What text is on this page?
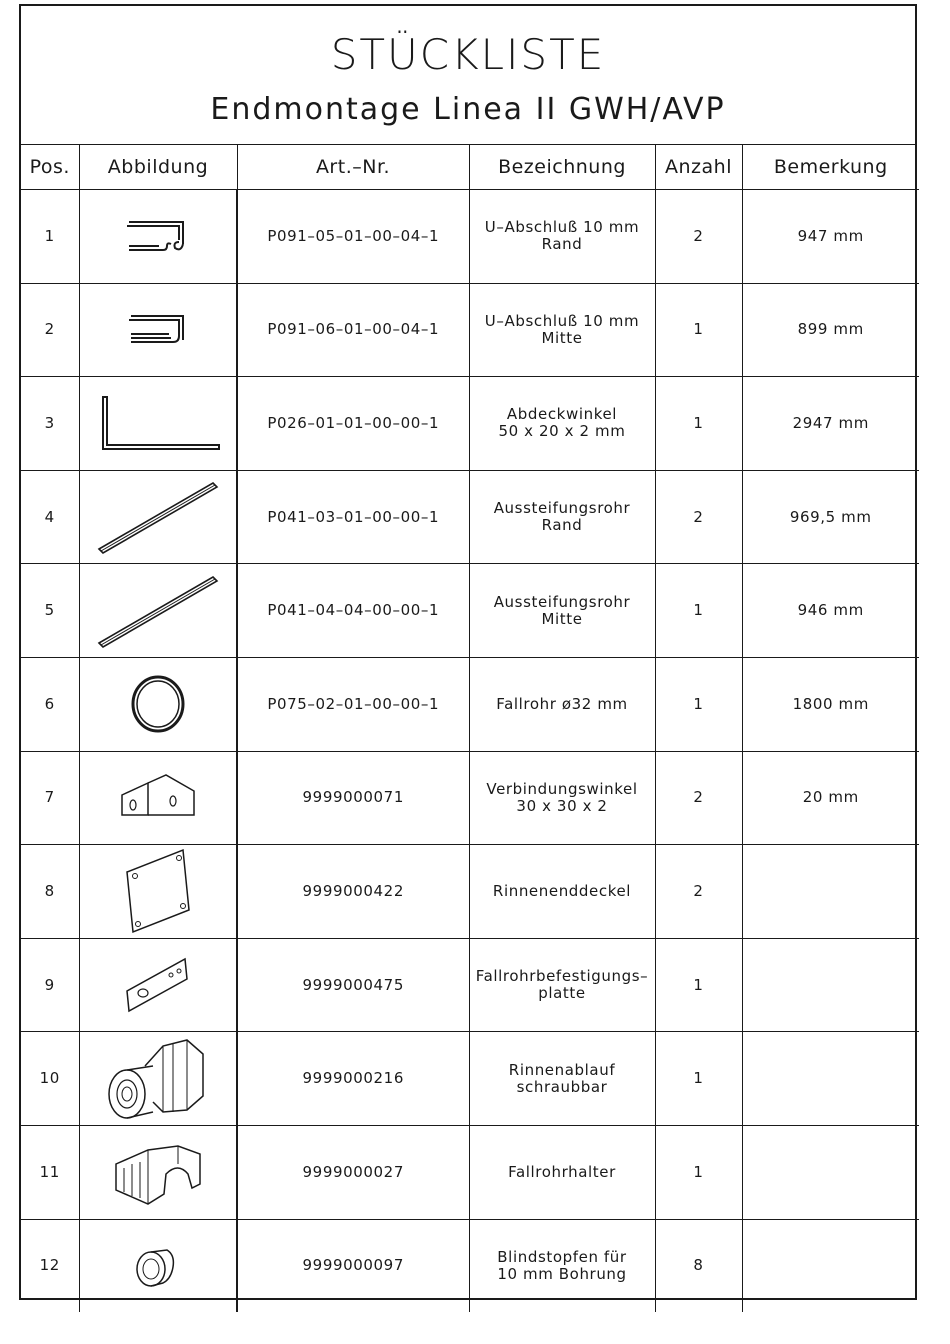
STÜCKLISTE
Endmontage Linea II GWH/AVP
Pos.	Abbildung	Art.–Nr.	Bezeichnung	Anzahl	Bemerkung
1		P091–05–01–00–04–1	U–Abschluß 10 mm
Rand	2	947 mm
2		P091–06–01–00–04–1	U–Abschluß 10 mm
Mitte	1	899 mm
3		P026–01–01–00–00–1	Abdeckwinkel
50 x 20 x 2 mm	1	2947 mm
4		P041–03–01–00–00–1	Aussteifungsrohr
Rand	2	969,5 mm
5		P041–04–04–00–00–1	Aussteifungsrohr
Mitte	1	946 mm
6		P075–02–01–00–00–1	Fallrohr ø32 mm	1	1800 mm
7		9999000071	Verbindungswinkel
30 x 30 x 2	2	20 mm
8		9999000422	Rinnenenddeckel	2	
9		9999000475	Fallrohrbefestigungs–
platte	1	
10		9999000216	Rinnenablauf
schraubbar	1	
11		9999000027	Fallrohrhalter	1	
12		9999000097	Blindstopfen für
10 mm Bohrung	8	
